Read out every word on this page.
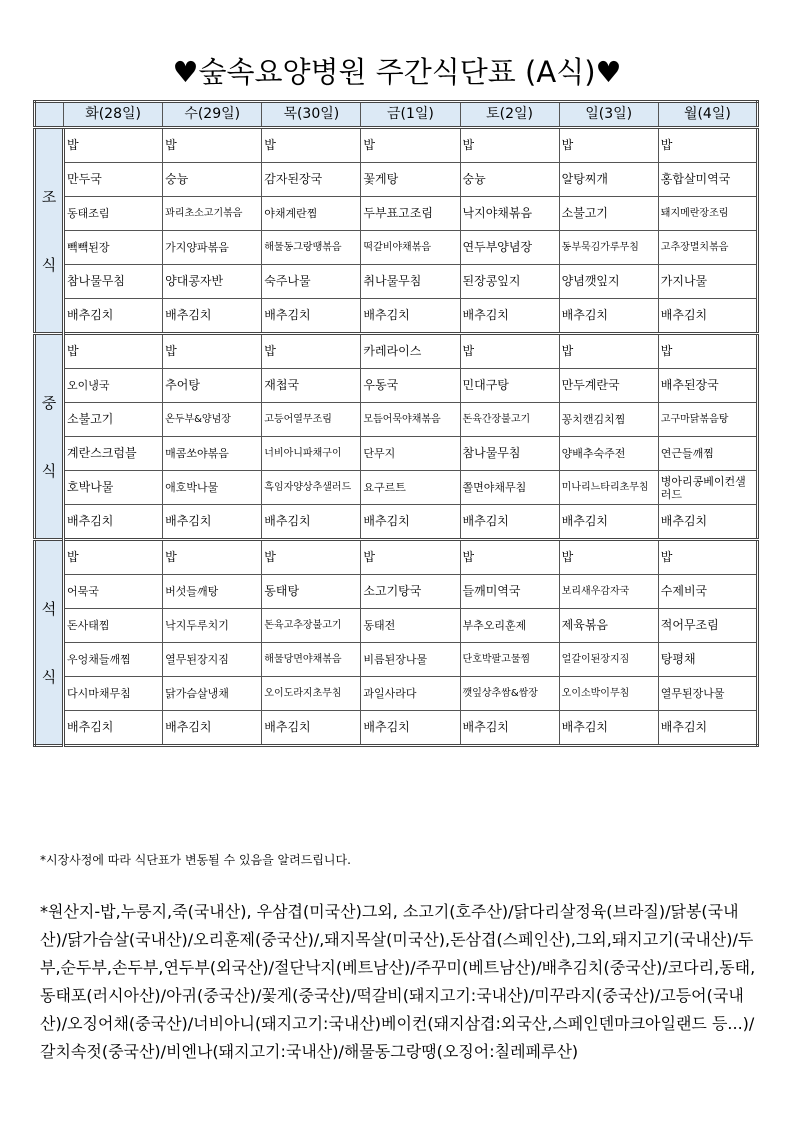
♥숲속요양병원 주간식단표 (A식)♥
	화(28일)	수(29일)	목(30일)	금(1일)	토(2일)	일(3일)	월(4일)
조

식	밥	밥	밥	밥	밥	밥	밥
	만두국	숭늉	감자된장국	꽃게탕	숭늉	알탕찌개	홍합살미역국
	동태조림	꽈리초소고기볶음	야채계란찜	두부표고조림	낙지야채볶음	소불고기	돼지메란장조림
	빽빽된장	가지양파볶음	해물동그랑땡볶음	떡갈비야채볶음	연두부양념장	동부묵김가루무침	고추장멸치볶음
	참나물무침	양대콩자반	숙주나물	취나물무침	된장콩잎지	양념깻잎지	가지나물
	배추김치	배추김치	배추김치	배추김치	배추김치	배추김치	배추김치
중

식	밥	밥	밥	카레라이스	밥	밥	밥
	오이냉국	추어탕	재첩국	우동국	민대구탕	만두계란국	배추된장국
	소불고기	온두부&양념장	고등어열무조림	모듬어묵야채볶음	돈육간장불고기	꽁치캔김치찜	고구마닭볶음탕
	계란스크럼블	매콤쏘야볶음	너비아니파채구이	단무지	참나물무침	양배추숙주전	연근들깨찜
	호박나물	애호박나물	흑임자양상추샐러드	요구르트	쫄면야채무침	미나리느타리초무침	병아리콩베이컨샐러드
	배추김치	배추김치	배추김치	배추김치	배추김치	배추김치	배추김치
석

식	밥	밥	밥	밥	밥	밥	밥
	어묵국	버섯들깨탕	동태탕	소고기탕국	들깨미역국	보리새우감자국	수제비국
	돈사태찜	낙지두루치기	돈육고추장불고기	동태전	부추오리훈제	제육볶음	적어무조림
	우엉채들깨찜	열무된장지짐	해물당면야채볶음	비름된장나물	단호박팔고물찜	얼갈이된장지짐	탕평채
	다시마채무침	닭가슴살냉채	오이도라지초무침	과일사라다	깻잎상추쌈&쌈장	오이소박이무침	열무된장나물
	배추김치	배추김치	배추김치	배추김치	배추김치	배추김치	배추김치
*시장사정에 따라 식단표가 변동될 수 있음을 알려드립니다.
*원산지-밥,누룽지,죽(국내산), 우삼겹(미국산)그외, 소고기(호주산)/닭다리살정육(브라질)/닭봉(국내산)/닭가슴살(국내산)/오리훈제(중국산)/,돼지목살(미국산),돈삼겹(스페인산),그외,돼지고기(국내산)/두부,순두부,손두부,연두부(외국산)/절단낙지(베트남산)/주꾸미(베트남산)/배추김치(중국산)/코다리,동태,동태포(러시아산)/아귀(중국산)/꽃게(중국산)/떡갈비(돼지고기:국내산)/미꾸라지(중국산)/고등어(국내산)/오징어채(중국산)/너비아니(돼지고기:국내산)베이컨(돼지삼겹:외국산,스페인덴마크아일랜드 등...)/갈치속젓(중국산)/비엔나(돼지고기:국내산)/해물동그랑땡(오징어:칠레페루산)
